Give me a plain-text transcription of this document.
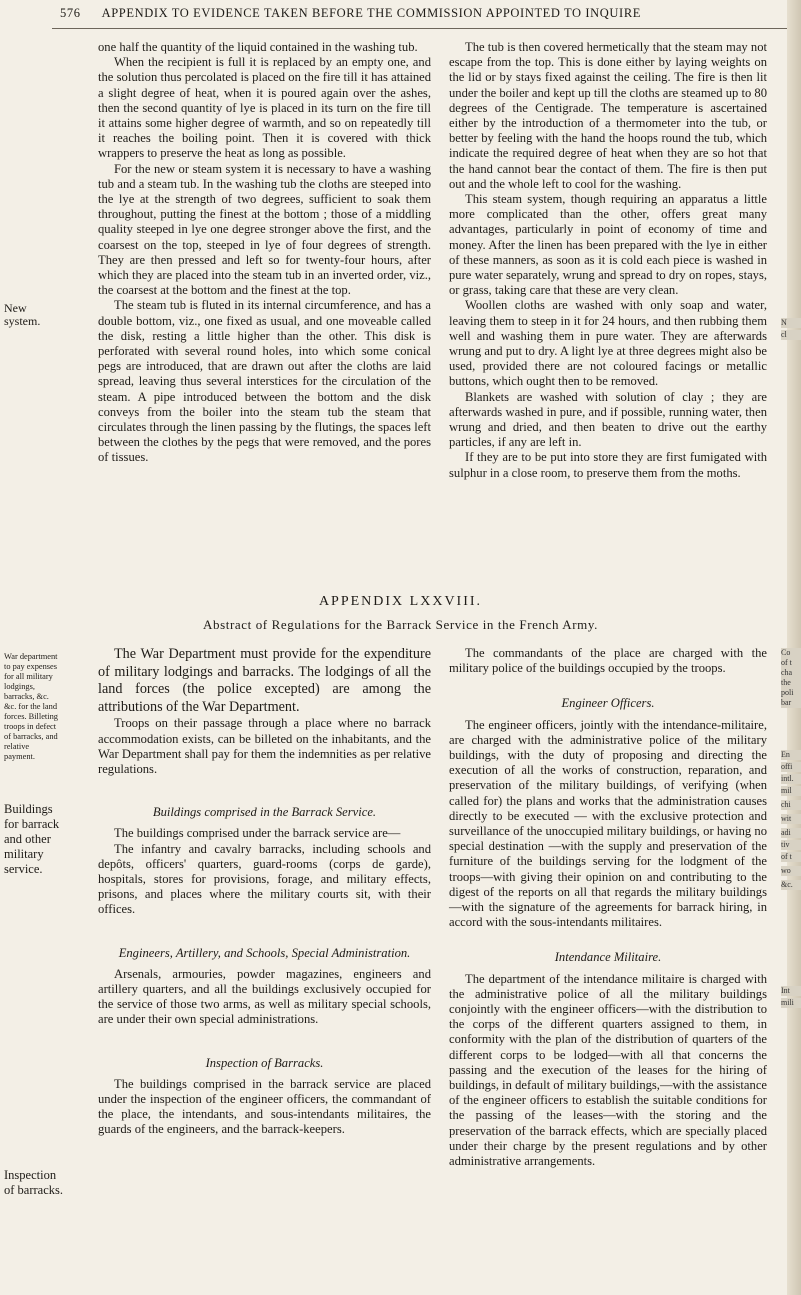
576 APPENDIX TO EVIDENCE TAKEN BEFORE THE COMMISSION APPOINTED TO INQUIRE
New system.

one half the quantity of the liquid contained in the washing tub.

When the recipient is full it is replaced by an empty one, and the solution thus percolated is placed on the fire till it has attained a slight degree of heat, when it is poured again over the ashes, then the second quantity of lye is placed in its turn on the fire till it attains some higher degree of warmth, and so on repeatedly till it reaches the boiling point. Then it is covered with thick wrappers to preserve the heat as long as possible.

For the new or steam system it is necessary to have a washing tub and a steam tub. In the washing tub the cloths are steeped into the lye at the strength of two degrees, sufficient to soak them throughout, putting the finest at the bottom ; those of a middling quality steeped in lye one degree stronger above the first, and the coarsest on the top, steeped in lye of four degrees of strength. They are then pressed and left so for twenty-four hours, after which they are placed into the steam tub in an inverted order, viz., the coarsest at the bottom and the finest at the top.

The steam tub is fluted in its internal circumference, and has a double bottom, viz., one fixed as usual, and one moveable called the disk, resting a little higher than the other. This disk is perforated with several round holes, into which some conical pegs are introduced, that are drawn out after the cloths are laid spread, leaving thus several interstices for the circulation of the steam. A pipe introduced between the bottom and the disk conveys from the boiler into the steam tub the steam that circulates through the linen passing by the flutings, the spaces left between the clothes by the pegs that were removed, and the pores of tissues.

The tub is then covered hermetically that the steam may not escape from the top. This is done either by laying weights on the lid or by stays fixed against the ceiling. The fire is then lit under the boiler and kept up till the cloths are steamed up to 80 degrees of the Centigrade. The temperature is ascertained either by the introduction of a thermometer into the tub, or better by feeling with the hand the hoops round the tub, which indicate the required degree of heat when they are so hot that the hand cannot bear the contact of them. The fire is then put out and the whole left to cool for the washing.

This steam system, though requiring an apparatus a little more complicated than the other, offers great many advantages, particularly in point of economy of time and money. After the linen has been prepared with the lye in either of these manners, as soon as it is cold each piece is washed in pure water separately, wrung and spread to dry on ropes, stays, or grass, taking care that these are very clean.

Woollen cloths are washed with only soap and water, leaving them to steep in it for 24 hours, and then rubbing them well and washing them in pure water. They are afterwards wrung and put to dry. A light lye at three degrees might also be used, provided there are not coloured facings or metallic buttons, which ought then to be removed.

Blankets are washed with solution of clay ; they are afterwards washed in pure, and if possible, running water, then wrung and dried, and then beaten to drive out the earthy particles, if any are left in.

If they are to be put into store they are first fumigated with sulphur in a close room, to preserve them from the moths.

APPENDIX LXXVIII.
Abstract of Regulations for the Barrack Service in the French Army.
War department to pay expenses for all military lodgings, barracks, &c. &c. for the land forces. Billeting troops in defect of barracks, and relative payment.
Buildings for barrack and other military service.
Inspection of barracks.

The War Department must provide for the expenditure of military lodgings and barracks. The lodgings of all the land forces (the police excepted) are among the attributions of the War Department.

Troops on their passage through a place where no barrack accommodation exists, can be billeted on the inhabitants, and the War Department shall pay for them the indemnities as per relative regulations.

Buildings comprised in the Barrack Service.

The buildings comprised under the barrack service are—

The infantry and cavalry barracks, including schools and depôts, officers' quarters, guard-rooms (corps de garde), hospitals, stores for provisions, forage, and military effects, prisons, and places where the military courts sit, with their offices.

Engineers, Artillery, and Schools, Special Administration.

Arsenals, armouries, powder magazines, engineers and artillery quarters, and all the buildings exclusively occupied for the service of those two arms, as well as military special schools, are under their own special administrations.

Inspection of Barracks.

The buildings comprised in the barrack service are placed under the inspection of the engineer officers, the commandant of the place, the intendants, and sous-intendants militaires, the guards of the engineers, and the barrack-keepers.

The commandants of the place are charged with the military police of the buildings occupied by the troops.

Engineer Officers.

The engineer officers, jointly with the intendance-militaire, are charged with the administrative police of the military buildings, with the duty of proposing and directing the execution of all the works of construction, reparation, and preservation of the military buildings, of verifying (when called for) the plans and works that the administration causes directly to be executed — with the exclusive protection and surveillance of the unoccupied military buildings, or having no special destination —with the supply and preservation of the furniture of the buildings serving for the lodgment of the troops—with giving their opinion on and contributing to the digest of the reports on all that regards the military buildings—with the signature of the agreements for barrack hiring, in accord with the sous-intendants militaires.

Intendance Militaire.

The department of the intendance militaire is charged with the administrative police of all the military buildings conjointly with the engineer officers—with the distribution to the corps of the different quarters assigned to them, in conformity with the plan of the distribution of quarters of the different corps to be lodged—with all that concerns the passing and the execution of the leases for the hiring of buildings, in default of military buildings,—with the assistance of the engineer officers to establish the suitable conditions for the passing of the leases—with the storing and the preservation of the barrack effects, which are specially placed under their charge by the present regulations and by other administrative arrangements.

N
cl
Co
of t
cha
the
poli
bar
En
offi
intl.
mil
chi
wit
adi
tiv
of t
wo
&c.
Int
mili
